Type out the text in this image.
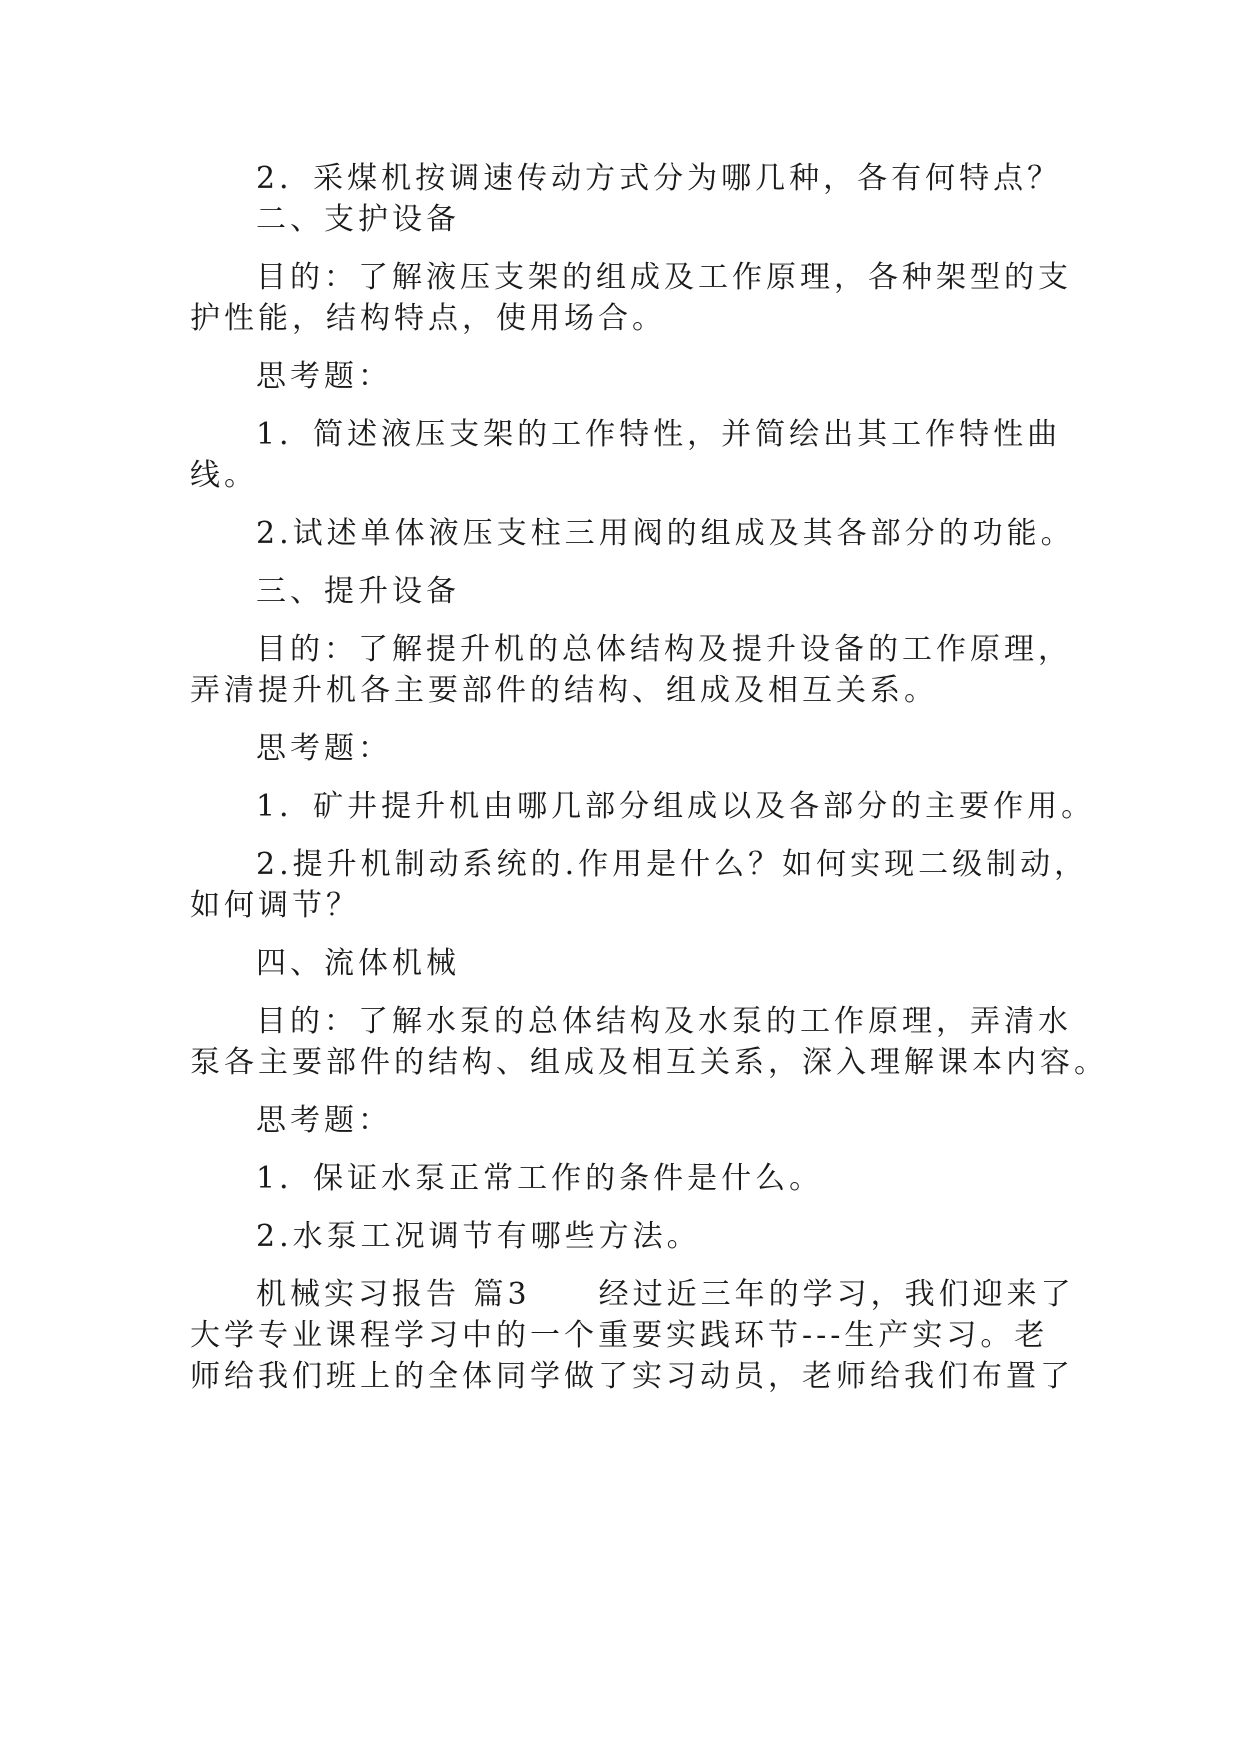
2．采煤机按调速传动方式分为哪几种，各有何特点？

二、支护设备

目的：了解液压支架的组成及工作原理，各种架型的支

护性能，结构特点，使用场合。

思考题：

1．简述液压支架的工作特性，并简绘出其工作特性曲

线。

2.试述单体液压支柱三用阀的组成及其各部分的功能。

三、提升设备

目的：了解提升机的总体结构及提升设备的工作原理，

弄清提升机各主要部件的结构、组成及相互关系。

思考题：

1．矿井提升机由哪几部分组成以及各部分的主要作用。

2.提升机制动系统的.作用是什么？如何实现二级制动，

如何调节？

四、流体机械

目的：了解水泵的总体结构及水泵的工作原理，弄清水

泵各主要部件的结构、组成及相互关系，深入理解课本内容。

思考题：

1．保证水泵正常工作的条件是什么。

2.水泵工况调节有哪些方法。

机械实习报告 篇3　　经过近三年的学习，我们迎来了

大学专业课程学习中的一个重要实践环节---生产实习。老

师给我们班上的全体同学做了实习动员，老师给我们布置了
